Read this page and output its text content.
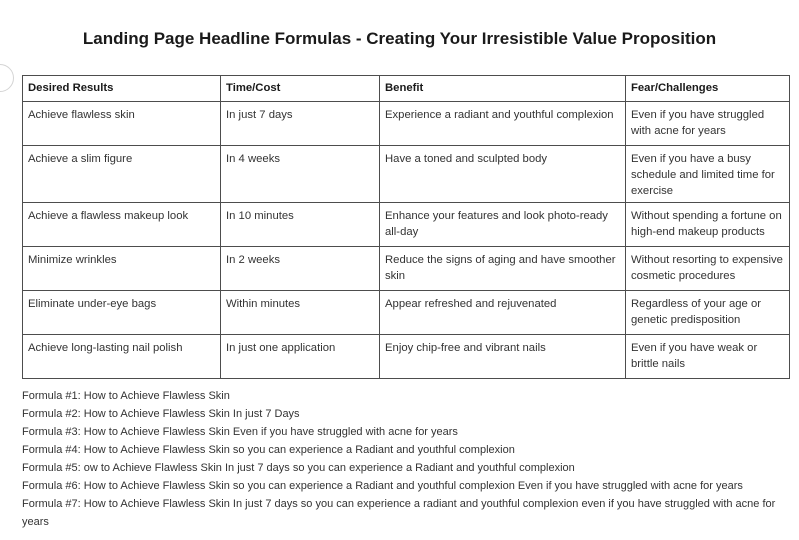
Landing Page Headline Formulas - Creating Your Irresistible Value Proposition
Desired Results	Time/Cost	Benefit	Fear/Challenges
Achieve flawless skin	In just 7 days	Experience a radiant and youthful complexion	Even if you have struggled with acne for years
Achieve a slim figure	In 4 weeks	Have a toned and sculpted body	Even if you have a busy schedule and limited time for exercise
Achieve a flawless makeup look	In 10 minutes	Enhance your features and look photo-ready all-day	Without spending a fortune on high-end makeup products
Minimize wrinkles	In 2 weeks	Reduce the signs of aging and have smoother skin	Without resorting to expensive cosmetic procedures
Eliminate under-eye bags	Within minutes	Appear refreshed and rejuvenated	Regardless of your age or genetic predisposition
Achieve long-lasting nail polish	In just one application	Enjoy chip-free and vibrant nails	Even if you have weak or brittle nails
Formula #1: How to Achieve Flawless Skin
Formula #2: How to Achieve Flawless Skin In just 7 Days
Formula #3: How to Achieve Flawless Skin Even if you have struggled with acne for years
Formula #4: How to Achieve Flawless Skin so you can experience a Radiant and youthful complexion
Formula #5: ow to Achieve Flawless Skin In just 7 days so you can experience a Radiant and youthful complexion
Formula #6: How to Achieve Flawless Skin so you can experience a Radiant and youthful complexion Even if you have struggled with acne for years
Formula #7: How to Achieve Flawless Skin In just 7 days so you can experience a radiant and youthful complexion even if you have struggled with acne for years
